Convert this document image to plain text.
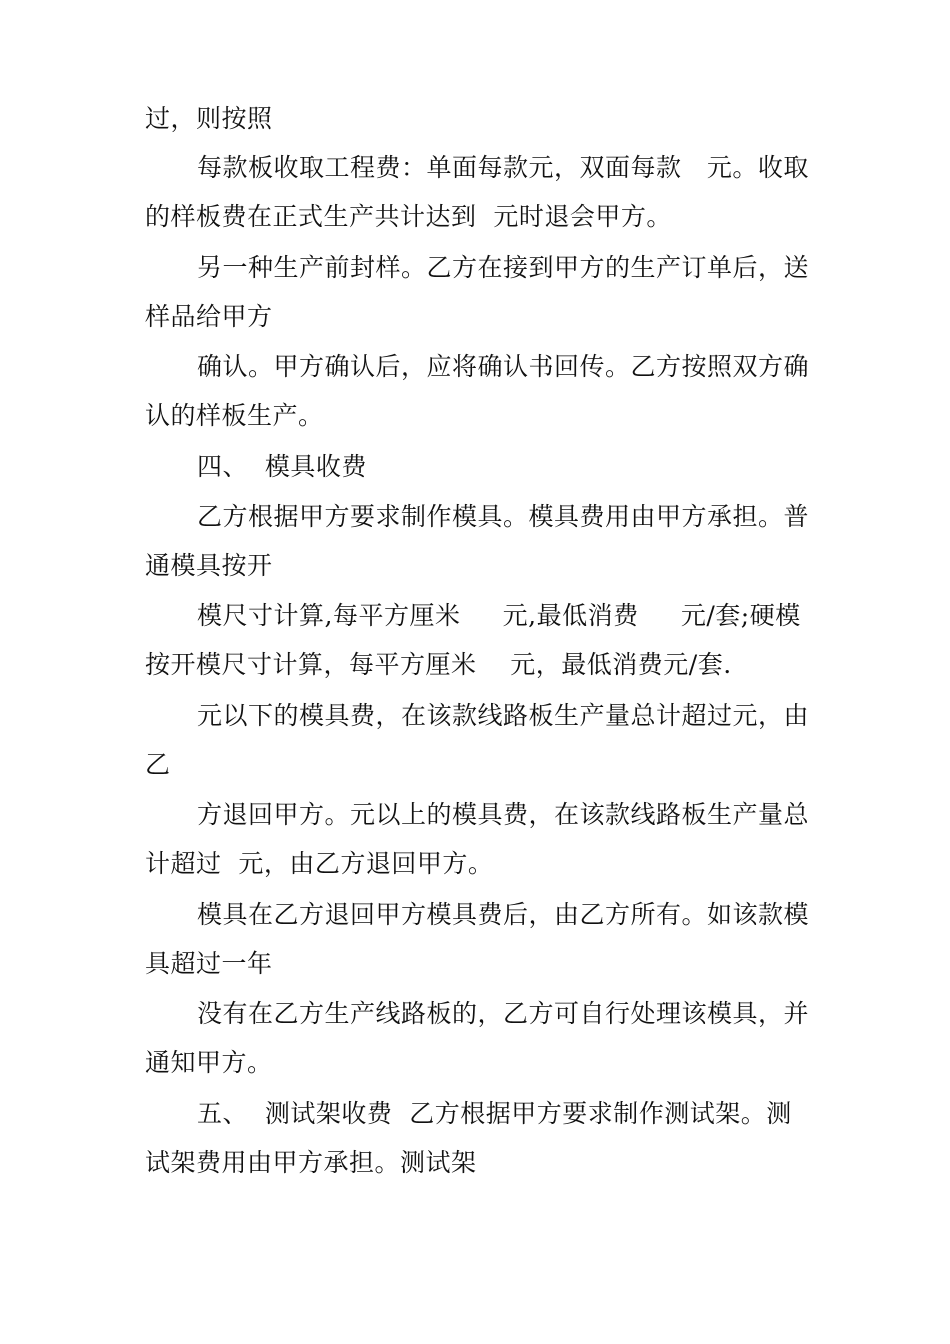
过，则按照

每款板收取工程费：单面每款元，双面每款   元。收取的样板费在正式生产共计达到  元时退会甲方。

另一种生产前封样。乙方在接到甲方的生产订单后，送样品给甲方

确认。甲方确认后，应将确认书回传。乙方按照双方确认的样板生产。

四、  模具收费

乙方根据甲方要求制作模具。模具费用由甲方承担。普通模具按开

模尺寸计算,每平方厘米     元,最低消费     元/套;硬模按开模尺寸计算，每平方厘米    元，最低消费元/套.

元以下的模具费，在该款线路板生产量总计超过元，由乙

方退回甲方。元以上的模具费，在该款线路板生产量总计超过  元，由乙方退回甲方。

模具在乙方退回甲方模具费后，由乙方所有。如该款模具超过一年

没有在乙方生产线路板的，乙方可自行处理该模具，并通知甲方。

五、  测试架收费  乙方根据甲方要求制作测试架。测试架费用由甲方承担。测试架
